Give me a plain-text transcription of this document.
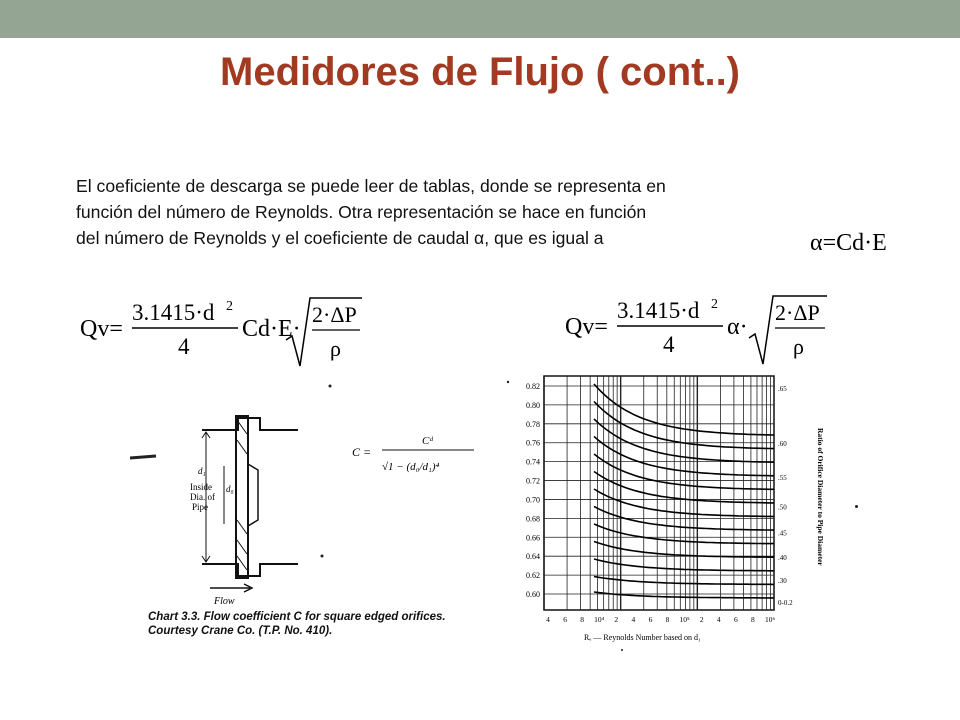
Medidores de Flujo ( cont..)
El coeficiente de descarga se puede leer de tablas, donde se representa en
función del número de Reynolds. Otra representación se hace en función
del número de Reynolds y el coeficiente de caudal α, que es igual a	α=Cd·E
Qv=
3.1415·d 2
4
Cd·E·
2·ΔP
ρ
Qv=
3.1415·d 2
4
α·
2·ΔP
ρ
d₁
Inside
Dia. of
Pipe
d₀
Flow
C =
Cᵈ
√1 − (d₀/d₁)⁴
Chart 3.3. Flow coefficient C for square edged orifices.
Courtesy Crane Co. (T.P. No. 410).
0.82
0.80
0.78
0.76
0.74
0.72
0.70
0.68
0.66
0.64
0.62
0.60
4 6 8 10⁴ 2 4 6 8 10⁵ 2 4 6 8 10⁶
.65
.60
.55
.50
.45
.40
.30
0-0.2
Rₑ — Reynolds Number based on d₁
Ratio of Orifice Diameter to Pipe Diameter
